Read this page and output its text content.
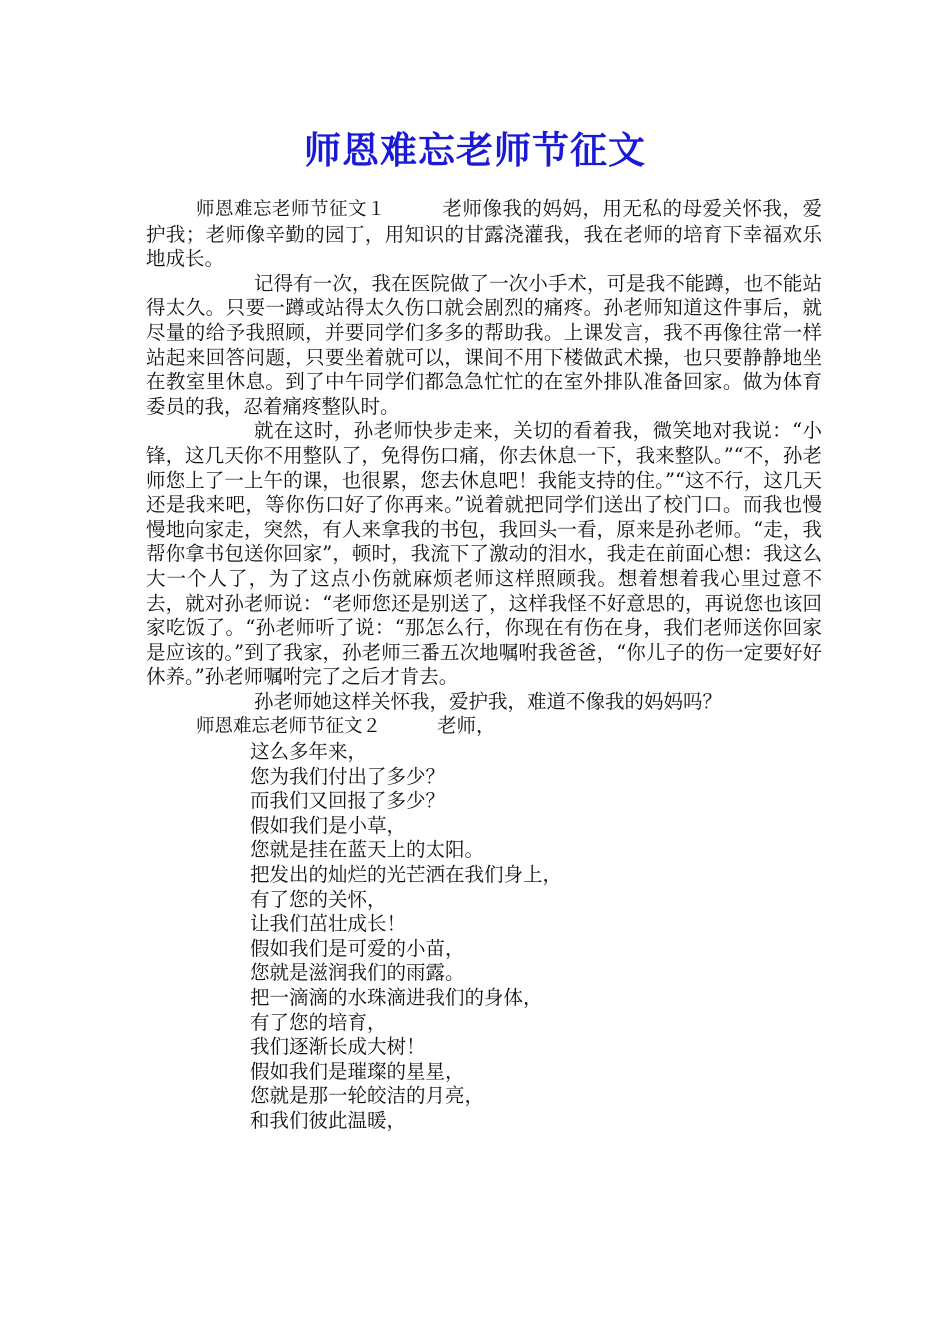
师恩难忘老师节征文

师恩难忘老师节征文１	老师像我的妈妈，用无私的母爱关怀我，爱护我；老师像辛勤的园丁，用知识的甘露浇灌我，我在老师的培育下幸福欢乐地成长。

记得有一次，我在医院做了一次小手术，可是我不能蹲，也不能站得太久。只要一蹲或站得太久伤口就会剧烈的痛疼。孙老师知道这件事后，就尽量的给予我照顾，并要同学们多多的帮助我。上课发言，我不再像往常一样站起来回答问题，只要坐着就可以，课间不用下楼做武术操，也只要静静地坐在教室里休息。到了中午同学们都急急忙忙的在室外排队准备回家。做为体育委员的我，忍着痛疼整队时。

就在这时，孙老师快步走来，关切的看着我，微笑地对我说：“小锋，这几天你不用整队了，免得伤口痛，你去休息一下，我来整队。”“不，孙老师您上了一上午的课，也很累，您去休息吧！我能支持的住。”“这不行，这几天还是我来吧，等你伤口好了你再来。”说着就把同学们送出了校门口。而我也慢慢地向家走，突然，有人来拿我的书包，我回头一看，原来是孙老师。“走，我帮你拿书包送你回家”，顿时，我流下了激动的泪水，我走在前面心想：我这么大一个人了，为了这点小伤就麻烦老师这样照顾我。想着想着我心里过意不去，就对孙老师说：“老师您还是别送了，这样我怪不好意思的，再说您也该回家吃饭了。“孙老师听了说：“那怎么行，你现在有伤在身，我们老师送你回家是应该的。”到了我家，孙老师三番五次地嘱咐我爸爸，“你儿子的伤一定要好好休养。”孙老师嘱咐完了之后才肯去。

孙老师她这样关怀我，爱护我，难道不像我的妈妈吗？

师恩难忘老师节征文２	老师，

这么多年来，
您为我们付出了多少？
而我们又回报了多少？
假如我们是小草，
您就是挂在蓝天上的太阳。
把发出的灿烂的光芒洒在我们身上，
有了您的关怀，
让我们茁壮成长！
假如我们是可爱的小苗，
您就是滋润我们的雨露。
把一滴滴的水珠滴进我们的身体，
有了您的培育，
我们逐渐长成大树！
假如我们是璀璨的星星，
您就是那一轮皎洁的月亮，
和我们彼此温暖，
